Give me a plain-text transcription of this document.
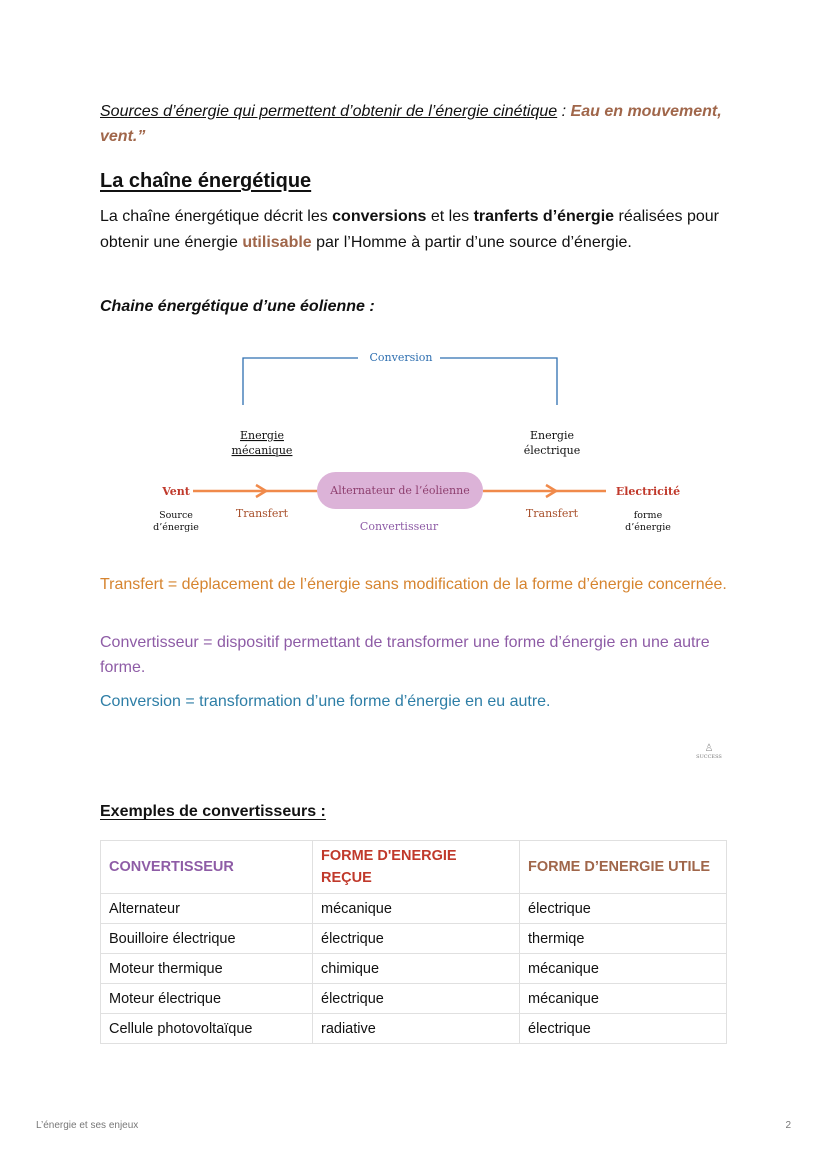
Sources d’énergie qui permettent d’obtenir de l’énergie cinétique : Eau en mouvement, vent.”
La chaîne énergétique
La chaîne énergétique décrit les conversions et les tranferts d’énergie réalisées pour obtenir une énergie utilisable par l’Homme à partir d’une source d’énergie.
Chaine énergétique d’une éolienne :
Conversion
Energie
mécanique
Energie
électrique
Alternateur de l’éolienne
Convertisseur
Vent
Source
d’énergie
Transfert	Transfert
Electricité
forme
d’énergie
Transfert = déplacement de l’énergie sans modification de la forme d’énergie concernée.
Convertisseur = dispositif permettant de transformer une forme d’énergie en une autre forme.
Conversion = transformation d’une forme d’énergie en eu autre.
♙
SUCCESS
Exemples de convertisseurs :
CONVERTISSEUR	FORME D'ENERGIE REÇUE	FORME D’ENERGIE UTILE
Alternateur	mécanique	électrique
Bouilloire électrique	électrique	thermiqe
Moteur thermique	chimique	mécanique
Moteur électrique	électrique	mécanique
Cellule photovoltaïque	radiative	électrique
L’énergie et ses enjeux	2
